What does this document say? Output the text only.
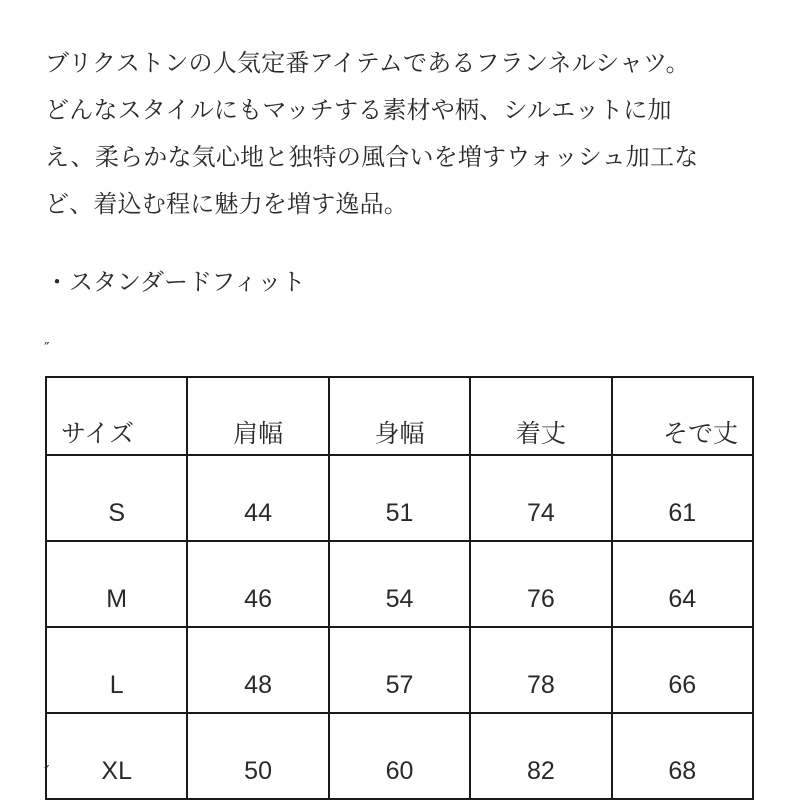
ブリクストンの人気定番アイテムであるフランネルシャツ。
どんなスタイルにもマッチする素材や柄、シルエットに加
え、柔らかな気心地と独特の風合いを増すウォッシュ加工な
ど、着込む程に魅力を増す逸品。
・スタンダードフィット
″
サイズ	肩幅	身幅	着丈	そで丈
S	44	51	74	61
M	46	54	76	64
L	48	57	78	66
XL	50	60	82	68
″
